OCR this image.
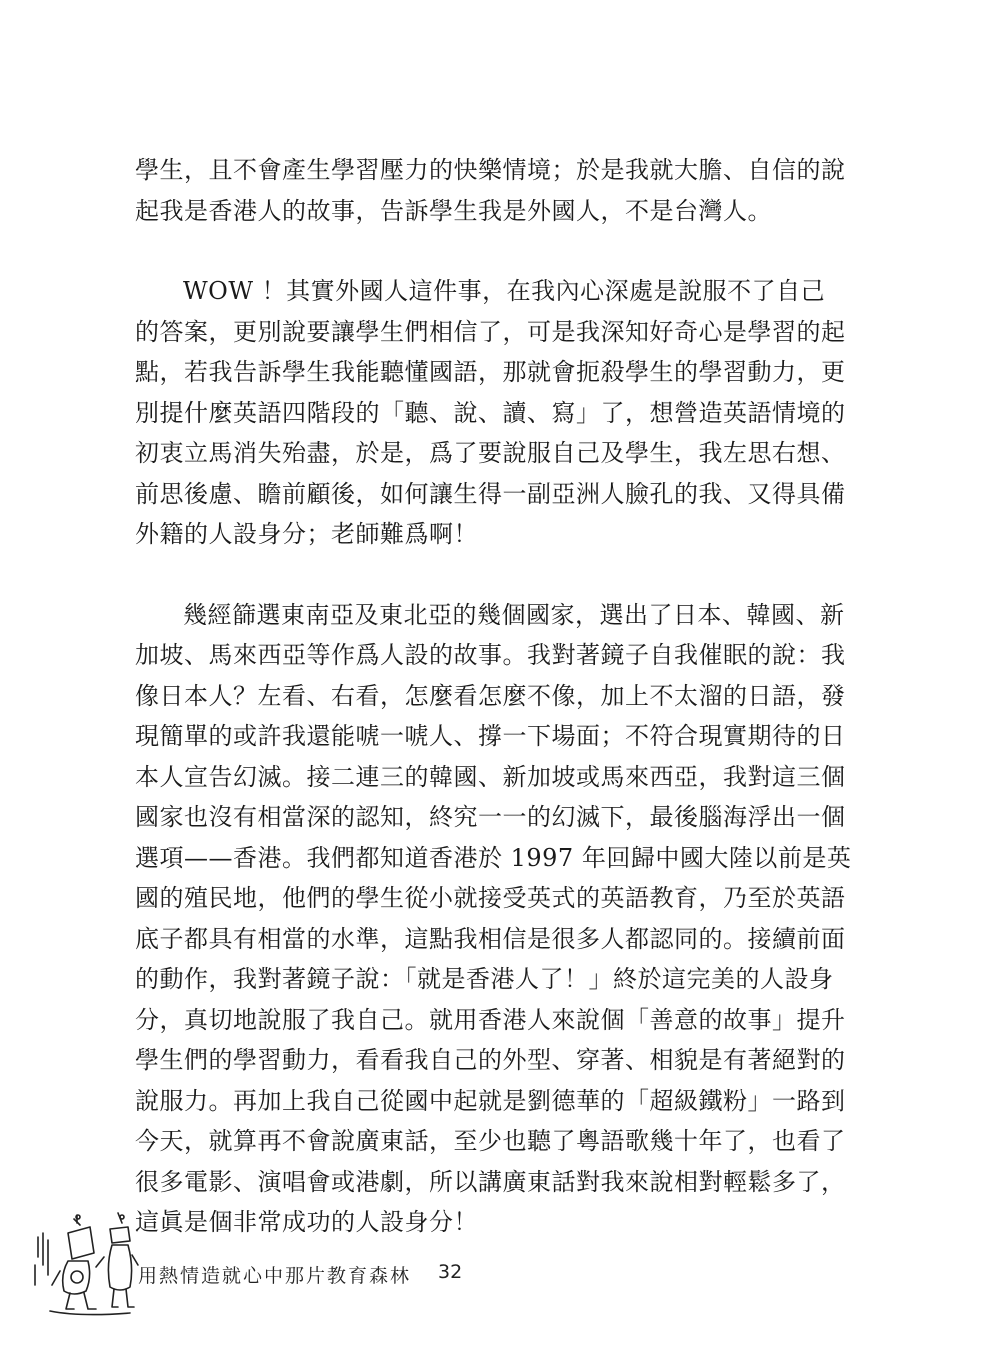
學生，且不會產生學習壓力的快樂情境；於是我就大膽、自信的說
起我是香港人的故事，告訴學生我是外國人，不是台灣人。

WOW ！其實外國人這件事，在我內心深處是說服不了自己
的答案，更別說要讓學生們相信了，可是我深知好奇心是學習的起
點，若我告訴學生我能聽懂國語，那就會扼殺學生的學習動力，更
別提什麼英語四階段的「聽、說、讀、寫」了，想營造英語情境的
初衷立馬消失殆盡，於是，爲了要說服自己及學生，我左思右想、
前思後慮、瞻前顧後，如何讓生得一副亞洲人臉孔的我、又得具備
外籍的人設身分；老師難爲啊！

幾經篩選東南亞及東北亞的幾個國家，選出了日本、韓國、新
加坡、馬來西亞等作爲人設的故事。我對著鏡子自我催眠的說：我
像日本人？左看、右看，怎麼看怎麼不像，加上不太溜的日語，發
現簡單的或許我還能唬一唬人、撐一下場面；不符合現實期待的日
本人宣告幻滅。接二連三的韓國、新加坡或馬來西亞，我對這三個
國家也沒有相當深的認知，終究一一的幻滅下，最後腦海浮出一個
選項——香港。我們都知道香港於 1997 年回歸中國大陸以前是英
國的殖民地，他們的學生從小就接受英式的英語教育，乃至於英語
底子都具有相當的水準，這點我相信是很多人都認同的。接續前面
的動作，我對著鏡子說：「就是香港人了！」終於這完美的人設身
分，真切地說服了我自己。就用香港人來說個「善意的故事」提升
學生們的學習動力，看看我自己的外型、穿著、相貌是有著絕對的
說服力。再加上我自己從國中起就是劉德華的「超級鐵粉」一路到
今天，就算再不會說廣東話，至少也聽了粵語歌幾十年了，也看了
很多電影、演唱會或港劇，所以講廣東話對我來說相對輕鬆多了，
這眞是個非常成功的人設身分！

用熱情造就心中那片教育森林 32
